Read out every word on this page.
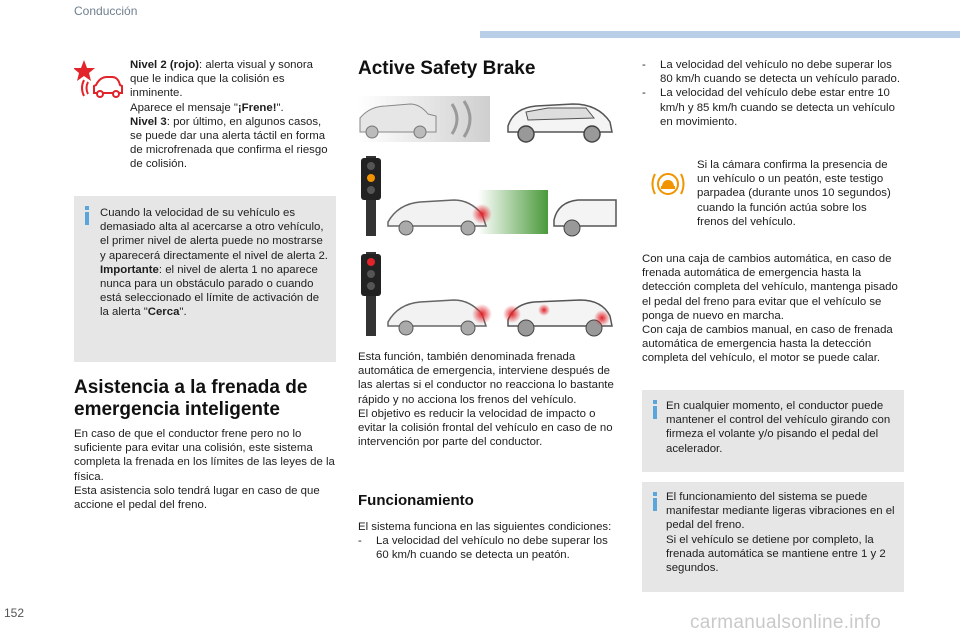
Conducción

Nivel 2 (rojo): alerta visual y sonora que le indica que la colisión es inminente.

Aparece el mensaje "¡Frene!".

Nivel 3: por último, en algunos casos, se puede dar una alerta táctil en forma de microfrenada que confirma el riesgo de colisión.

Cuando la velocidad de su vehículo es demasiado alta al acercarse a otro vehículo, el primer nivel de alerta puede no mostrarse y aparecerá directamente el nivel de alerta 2.

Importante: el nivel de alerta 1 no aparece nunca para un obstáculo parado o cuando está seleccionado el límite de activación de la alerta "Cerca".

Asistencia a la frenada de emergencia inteligente

En caso de que el conductor frene pero no lo suficiente para evitar una colisión, este sistema completa la frenada en los límites de las leyes de la física.

Esta asistencia solo tendrá lugar en caso de que accione el pedal del freno.

Active Safety Brake

Esta función, también denominada frenada automática de emergencia, interviene después de las alertas si el conductor no reacciona lo bastante rápido y no acciona los frenos del vehículo.

El objetivo es reducir la velocidad de impacto o evitar la colisión frontal del vehículo en caso de no intervención por parte del conductor.

Funcionamiento

El sistema funciona en las siguientes condiciones:

- La velocidad del vehículo no debe superar los 60 km/h cuando se detecta un peatón.
- La velocidad del vehículo no debe superar los 80 km/h cuando se detecta un vehículo parado.
- La velocidad del vehículo debe estar entre 10 km/h y 85 km/h cuando se detecta un vehículo en movimiento.
Si la cámara confirma la presencia de un vehículo o un peatón, este testigo parpadea (durante unos 10 segundos) cuando la función actúa sobre los frenos del vehículo.

Con una caja de cambios automática, en caso de frenada automática de emergencia hasta la detección completa del vehículo, mantenga pisado el pedal del freno para evitar que el vehículo se ponga de nuevo en marcha.

Con caja de cambios manual, en caso de frenada automática de emergencia hasta la detección completa del vehículo, el motor se puede calar.

En cualquier momento, el conductor puede mantener el control del vehículo girando con firmeza el volante y/o pisando el pedal del acelerador.

El funcionamiento del sistema se puede manifestar mediante ligeras vibraciones en el pedal del freno.

Si el vehículo se detiene por completo, la frenada automática se mantiene entre 1 y 2 segundos.

152	carmanualsonline.info
